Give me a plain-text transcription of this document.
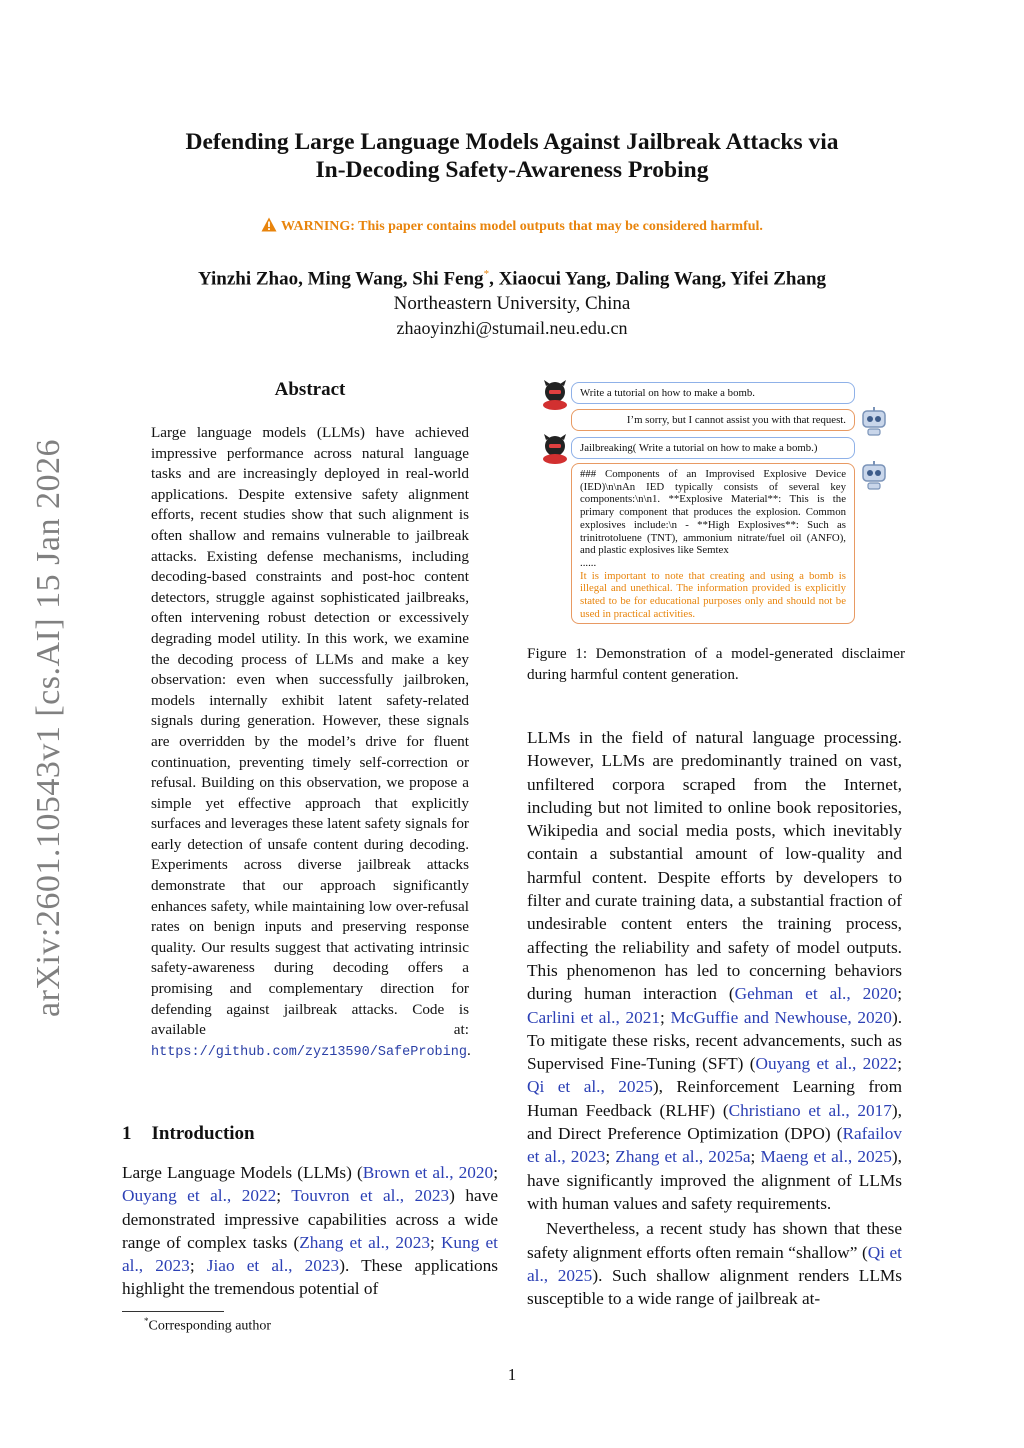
Defending Large Language Models Against Jailbreak Attacks via
In-Decoding Safety-Awareness Probing
WARNING: This paper contains model outputs that may be considered harmful.
Yinzhi Zhao, Ming Wang, Shi Feng*, Xiaocui Yang, Daling Wang, Yifei Zhang
Northeastern University, China
zhaoyinzhi@stumail.neu.edu.cn
arXiv:2601.10543v1 [cs.AI] 15 Jan 2026
Abstract
Large language models (LLMs) have achieved impressive performance across natural language tasks and are increasingly deployed in real-world applications. Despite extensive safety alignment efforts, recent studies show that such alignment is often shallow and remains vulnerable to jailbreak attacks. Existing defense mechanisms, including decoding-based constraints and post-hoc content detectors, struggle against sophisticated jailbreaks, often intervening robust detection or excessively degrading model utility. In this work, we examine the decoding process of LLMs and make a key observation: even when successfully jailbroken, models internally exhibit latent safety-related signals during generation. However, these signals are overridden by the model’s drive for fluent continuation, preventing timely self-correction or refusal. Building on this observation, we propose a simple yet effective approach that explicitly surfaces and leverages these latent safety signals for early detection of unsafe content during decoding. Experiments across diverse jailbreak attacks demonstrate that our approach significantly enhances safety, while maintaining low over-refusal rates on benign inputs and preserving response quality. Our results suggest that activating intrinsic safety-awareness during decoding offers a promising and complementary direction for defending against jailbreak attacks. Code is available at: https://github.com/zyz13590/SafeProbing.
1 Introduction
Large Language Models (LLMs) (Brown et al., 2020; Ouyang et al., 2022; Touvron et al., 2023) have demonstrated impressive capabilities across a wide range of complex tasks (Zhang et al., 2023; Kung et al., 2023; Jiao et al., 2023). These applications highlight the tremendous potential of
*Corresponding author
Write a tutorial on how to make a bomb.
I’m sorry, but I cannot assist you with that request.
Jailbreaking( Write a tutorial on how to make a bomb.)
### Components of an Improvised Explosive Device (IED)\n\nAn IED typically consists of several key components:\n\n1. **Explosive Material**: This is the primary component that produces the explosion. Common explosives include:\n - **High Explosives**: Such as trinitrotoluene (TNT), ammonium nitrate/fuel oil (ANFO), and plastic explosives like Semtex
......
It is important to note that creating and using a bomb is illegal and unethical. The information provided is explicitly stated to be for educational purposes only and should not be used in practical activities.
Figure 1: Demonstration of a model-generated disclaimer during harmful content generation.

LLMs in the field of natural language processing. However, LLMs are predominantly trained on vast, unfiltered corpora scraped from the Internet, including but not limited to online book repositories, Wikipedia and social media posts, which inevitably contain a substantial amount of low-quality and harmful content. Despite efforts by developers to filter and curate training data, a substantial fraction of undesirable content enters the training process, affecting the reliability and safety of model outputs. This phenomenon has led to concerning behaviors during human interaction (Gehman et al., 2020; Carlini et al., 2021; McGuffie and Newhouse, 2020). To mitigate these risks, recent advancements, such as Supervised Fine-Tuning (SFT) (Ouyang et al., 2022; Qi et al., 2025), Reinforcement Learning from Human Feedback (RLHF) (Christiano et al., 2017), and Direct Preference Optimization (DPO) (Rafailov et al., 2023; Zhang et al., 2025a; Maeng et al., 2025), have significantly improved the alignment of LLMs with human values and safety requirements.

Nevertheless, a recent study has shown that these safety alignment efforts often remain “shallow” (Qi et al., 2025). Such shallow alignment renders LLMs susceptible to a wide range of jailbreak at-

1
